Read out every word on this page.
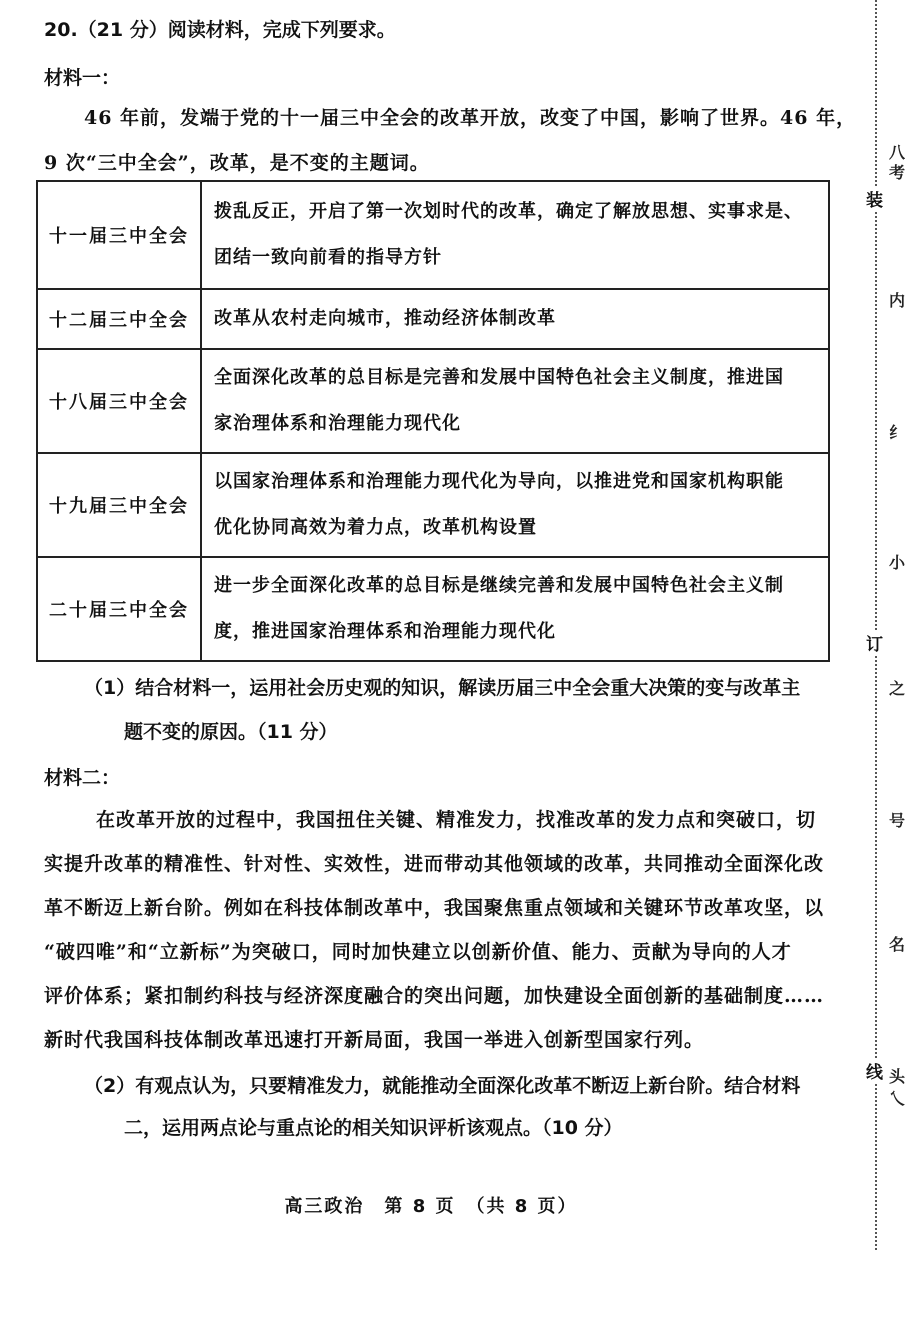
20.（21 分）阅读材料，完成下列要求。
材料一：
46 年前，发端于党的十一届三中全会的改革开放，改变了中国，影响了世界。46 年，
9 次“三中全会”，改革，是不变的主题词。
十一届三中全会	拨乱反正，开启了第一次划时代的改革，确定了解放思想、实事求是、
团结一致向前看的指导方针

十二届三中全会	改革从农村走向城市，推动经济体制改革

十八届三中全会	全面深化改革的总目标是完善和发展中国特色社会主义制度，推进国
家治理体系和治理能力现代化

十九届三中全会	以国家治理体系和治理能力现代化为导向，以推进党和国家机构职能
优化协同高效为着力点，改革机构设置

二十届三中全会	进一步全面深化改革的总目标是继续完善和发展中国特色社会主义制
度，推进国家治理体系和治理能力现代化
（1）结合材料一，运用社会历史观的知识，解读历届三中全会重大决策的变与改革主
题不变的原因。（11 分）
材料二：

在改革开放的过程中，我国扭住关键、精准发力，找准改革的发力点和突破口，切

实提升改革的精准性、针对性、实效性，进而带动其他领域的改革，共同推动全面深化改

革不断迈上新台阶。例如在科技体制改革中，我国聚焦重点领域和关键环节改革攻坚，以

“破四唯”和“立新标”为突破口，同时加快建立以创新价值、能力、贡献为导向的人才

评价体系；紧扣制约科技与经济深度融合的突出问题，加快建设全面创新的基础制度……

新时代我国科技体制改革迅速打开新局面，我国一举进入创新型国家行列。

（2）有观点认为，只要精准发力，就能推动全面深化改革不断迈上新台阶。结合材料
二，运用两点论与重点论的相关知识评析该观点。（10 分）
高三政治　第 8 页　（共 8 页）
装
订
线
八
考
内
纟
小
之
号
名
头
乀
